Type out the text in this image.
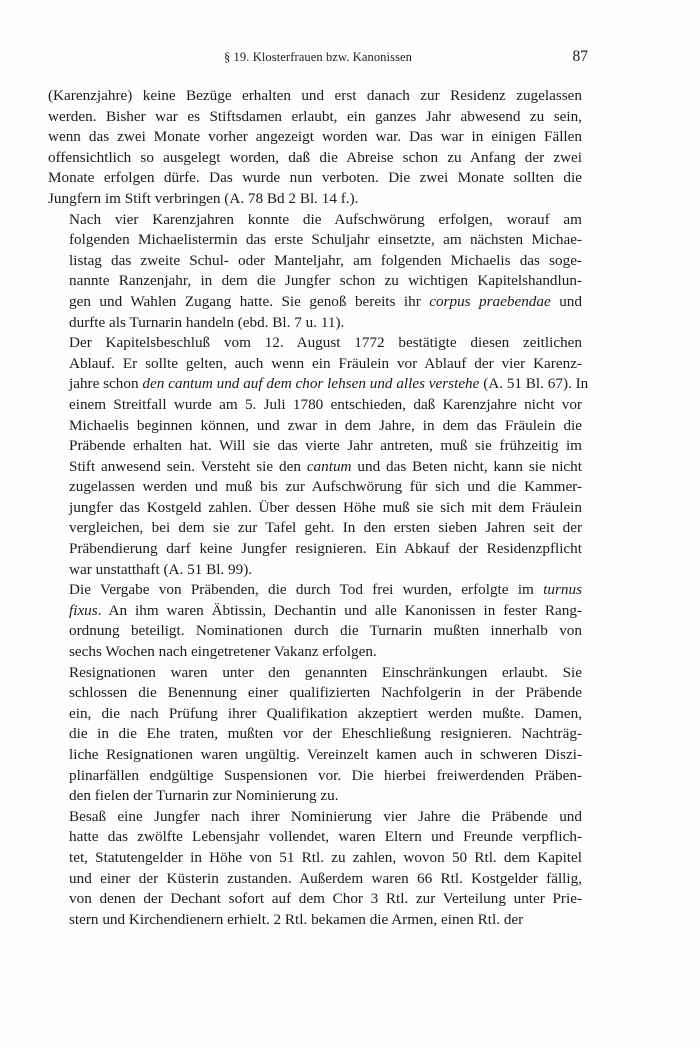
§ 19. Klosterfrauen bzw. Kanonissen	87

(Karenzjahre) keine Bezüge erhalten und erst danach zur Residenz zugelassen
werden. Bisher war es Stiftsdamen erlaubt, ein ganzes Jahr abwesend zu sein,
wenn das zwei Monate vorher angezeigt worden war. Das war in einigen Fällen
offensichtlich so ausgelegt worden, daß die Abreise schon zu Anfang der zwei
Monate erfolgen dürfe. Das wurde nun verboten. Die zwei Monate sollten die
Jungfern im Stift verbringen (A. 78 Bd 2 Bl. 14 f.).

Nach vier Karenzjahren konnte die Aufschwörung erfolgen, worauf am
folgenden Michaelistermin das erste Schuljahr einsetzte, am nächsten Michae-
listag das zweite Schul- oder Manteljahr, am folgenden Michaelis das soge-
nannte Ranzenjahr, in dem die Jungfer schon zu wichtigen Kapitelshandlun-
gen und Wahlen Zugang hatte. Sie genoß bereits ihr corpus praebendae und
durfte als Turnarin handeln (ebd. Bl. 7 u. 11).

Der Kapitelsbeschluß vom 12. August 1772 bestätigte diesen zeitlichen
Ablauf. Er sollte gelten, auch wenn ein Fräulein vor Ablauf der vier Karenz-
jahre schon den cantum und auf dem chor lehsen und alles verstehe (A. 51 Bl. 67). In
einem Streitfall wurde am 5. Juli 1780 entschieden, daß Karenzjahre nicht vor
Michaelis beginnen können, und zwar in dem Jahre, in dem das Fräulein die
Präbende erhalten hat. Will sie das vierte Jahr antreten, muß sie frühzeitig im
Stift anwesend sein. Versteht sie den cantum und das Beten nicht, kann sie nicht
zugelassen werden und muß bis zur Aufschwörung für sich und die Kammer-
jungfer das Kostgeld zahlen. Über dessen Höhe muß sie sich mit dem Fräulein
vergleichen, bei dem sie zur Tafel geht. In den ersten sieben Jahren seit der
Präbendierung darf keine Jungfer resignieren. Ein Abkauf der Residenzpflicht
war unstatthaft (A. 51 Bl. 99).

Die Vergabe von Präbenden, die durch Tod frei wurden, erfolgte im turnus
fixus. An ihm waren Äbtissin, Dechantin und alle Kanonissen in fester Rang-
ordnung beteiligt. Nominationen durch die Turnarin mußten innerhalb von
sechs Wochen nach eingetretener Vakanz erfolgen.

Resignationen waren unter den genannten Einschränkungen erlaubt. Sie
schlossen die Benennung einer qualifizierten Nachfolgerin in der Präbende
ein, die nach Prüfung ihrer Qualifikation akzeptiert werden mußte. Damen,
die in die Ehe traten, mußten vor der Eheschließung resignieren. Nachträg-
liche Resignationen waren ungültig. Vereinzelt kamen auch in schweren Diszi-
plinarfällen endgültige Suspensionen vor. Die hierbei freiwerdenden Präben-
den fielen der Turnarin zur Nominierung zu.

Besaß eine Jungfer nach ihrer Nominierung vier Jahre die Präbende und
hatte das zwölfte Lebensjahr vollendet, waren Eltern und Freunde verpflich-
tet, Statutengelder in Höhe von 51 Rtl. zu zahlen, wovon 50 Rtl. dem Kapitel
und einer der Küsterin zustanden. Außerdem waren 66 Rtl. Kostgelder fällig,
von denen der Dechant sofort auf dem Chor 3 Rtl. zur Verteilung unter Prie-
stern und Kirchendienern erhielt. 2 Rtl. bekamen die Armen, einen Rtl. der
